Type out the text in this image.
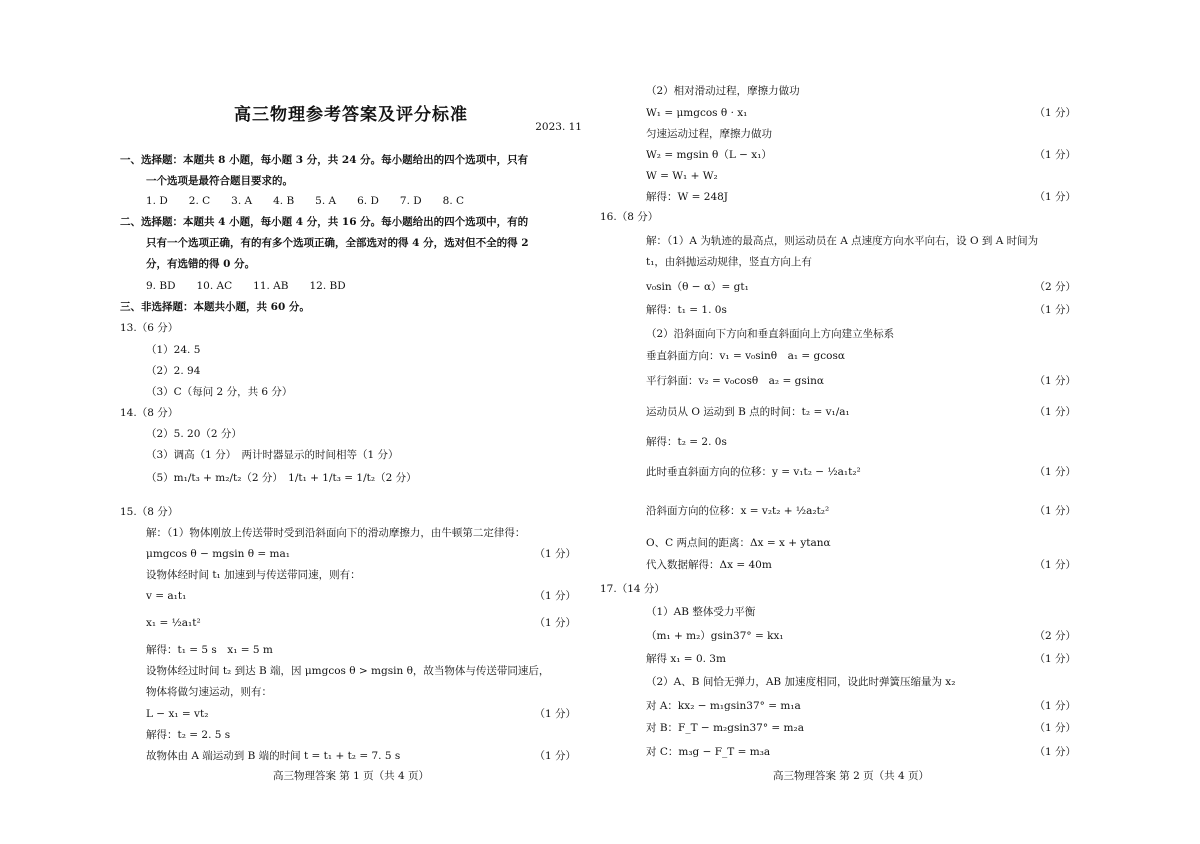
高三物理参考答案及评分标准
2023. 11
一、选择题：本题共 8 小题，每小题 3 分，共 24 分。每小题给出的四个选项中，只有
一个选项是最符合题目要求的。
1. D　　2. C　　3. A　　4. B　　5. A　　6. D　　7. D　　8. C
二、选择题：本题共 4 小题，每小题 4 分，共 16 分。每小题给出的四个选项中，有的
只有一个选项正确，有的有多个选项正确，全部选对的得 4 分，选对但不全的得 2
分，有选错的得 0 分。
9. BD　　10. AC　　11. AB　　12. BD
三、非选择题：本题共小题，共 60 分。
13.（6 分）
（1）24. 5
（2）2. 94
（3）C（每问 2 分，共 6 分）
14.（8 分）
（2）5. 20（2 分）
（3）调高（1 分）　两计时器显示的时间相等（1 分）
（5）m₁/t₃ + m₂/t₂（2 分）　1/t₁ + 1/t₃ = 1/t₂（2 分）
15.（8 分）
解：（1）物体刚放上传送带时受到沿斜面向下的滑动摩擦力，由牛顿第二定律得：
μmgcos θ − mgsin θ = ma₁	（1 分）
设物体经时间 t₁ 加速到与传送带同速，则有：
v = a₁t₁	（1 分）
x₁ = ½a₁t²	（1 分）
解得：t₁ = 5 s　x₁ = 5 m
设物体经过时间 t₂ 到达 B 端，因 μmgcos θ > mgsin θ，故当物体与传送带同速后，
物体将做匀速运动，则有：
L − x₁ = vt₂	（1 分）
解得：t₂ = 2. 5 s
故物体由 A 端运动到 B 端的时间 t = t₁ + t₂ = 7. 5 s	（1 分）
高三物理答案 第 1 页（共 4 页）
（2）相对滑动过程，摩擦力做功
W₁ = μmgcos θ · x₁	（1 分）
匀速运动过程，摩擦力做功
W₂ = mgsin θ（L − x₁）	（1 分）
W = W₁ + W₂
解得：W = 248J	（1 分）
16.（8 分）
解：（1）A 为轨迹的最高点，则运动员在 A 点速度方向水平向右，设 O 到 A 时间为
t₁，由斜抛运动规律，竖直方向上有
v₀sin（θ − α）= gt₁	（2 分）
解得：t₁ = 1. 0s	（1 分）
（2）沿斜面向下方向和垂直斜面向上方向建立坐标系
垂直斜面方向：v₁ = v₀sinθ　a₁ = gcosα
平行斜面：v₂ = v₀cosθ　a₂ = gsinα	（1 分）
运动员从 O 运动到 B 点的时间：t₂ = v₁/a₁	（1 分）
解得：t₂ = 2. 0s
此时垂直斜面方向的位移：y = v₁t₂ − ½a₁t₂²	（1 分）
沿斜面方向的位移：x = v₂t₂ + ½a₂t₂²	（1 分）
O、C 两点间的距离：Δx = x + ytanα
代入数据解得：Δx = 40m	（1 分）
17.（14 分）
（1）AB 整体受力平衡
（m₁ + m₂）gsin37° = kx₁	（2 分）
解得 x₁ = 0. 3m	（1 分）
（2）A、B 间恰无弹力，AB 加速度相同，设此时弹簧压缩量为 x₂
对 A：kx₂ − m₁gsin37° = m₁a	（1 分）
对 B：F_T − m₂gsin37° = m₂a	（1 分）
对 C：m₃g − F_T = m₃a	（1 分）
高三物理答案 第 2 页（共 4 页）
